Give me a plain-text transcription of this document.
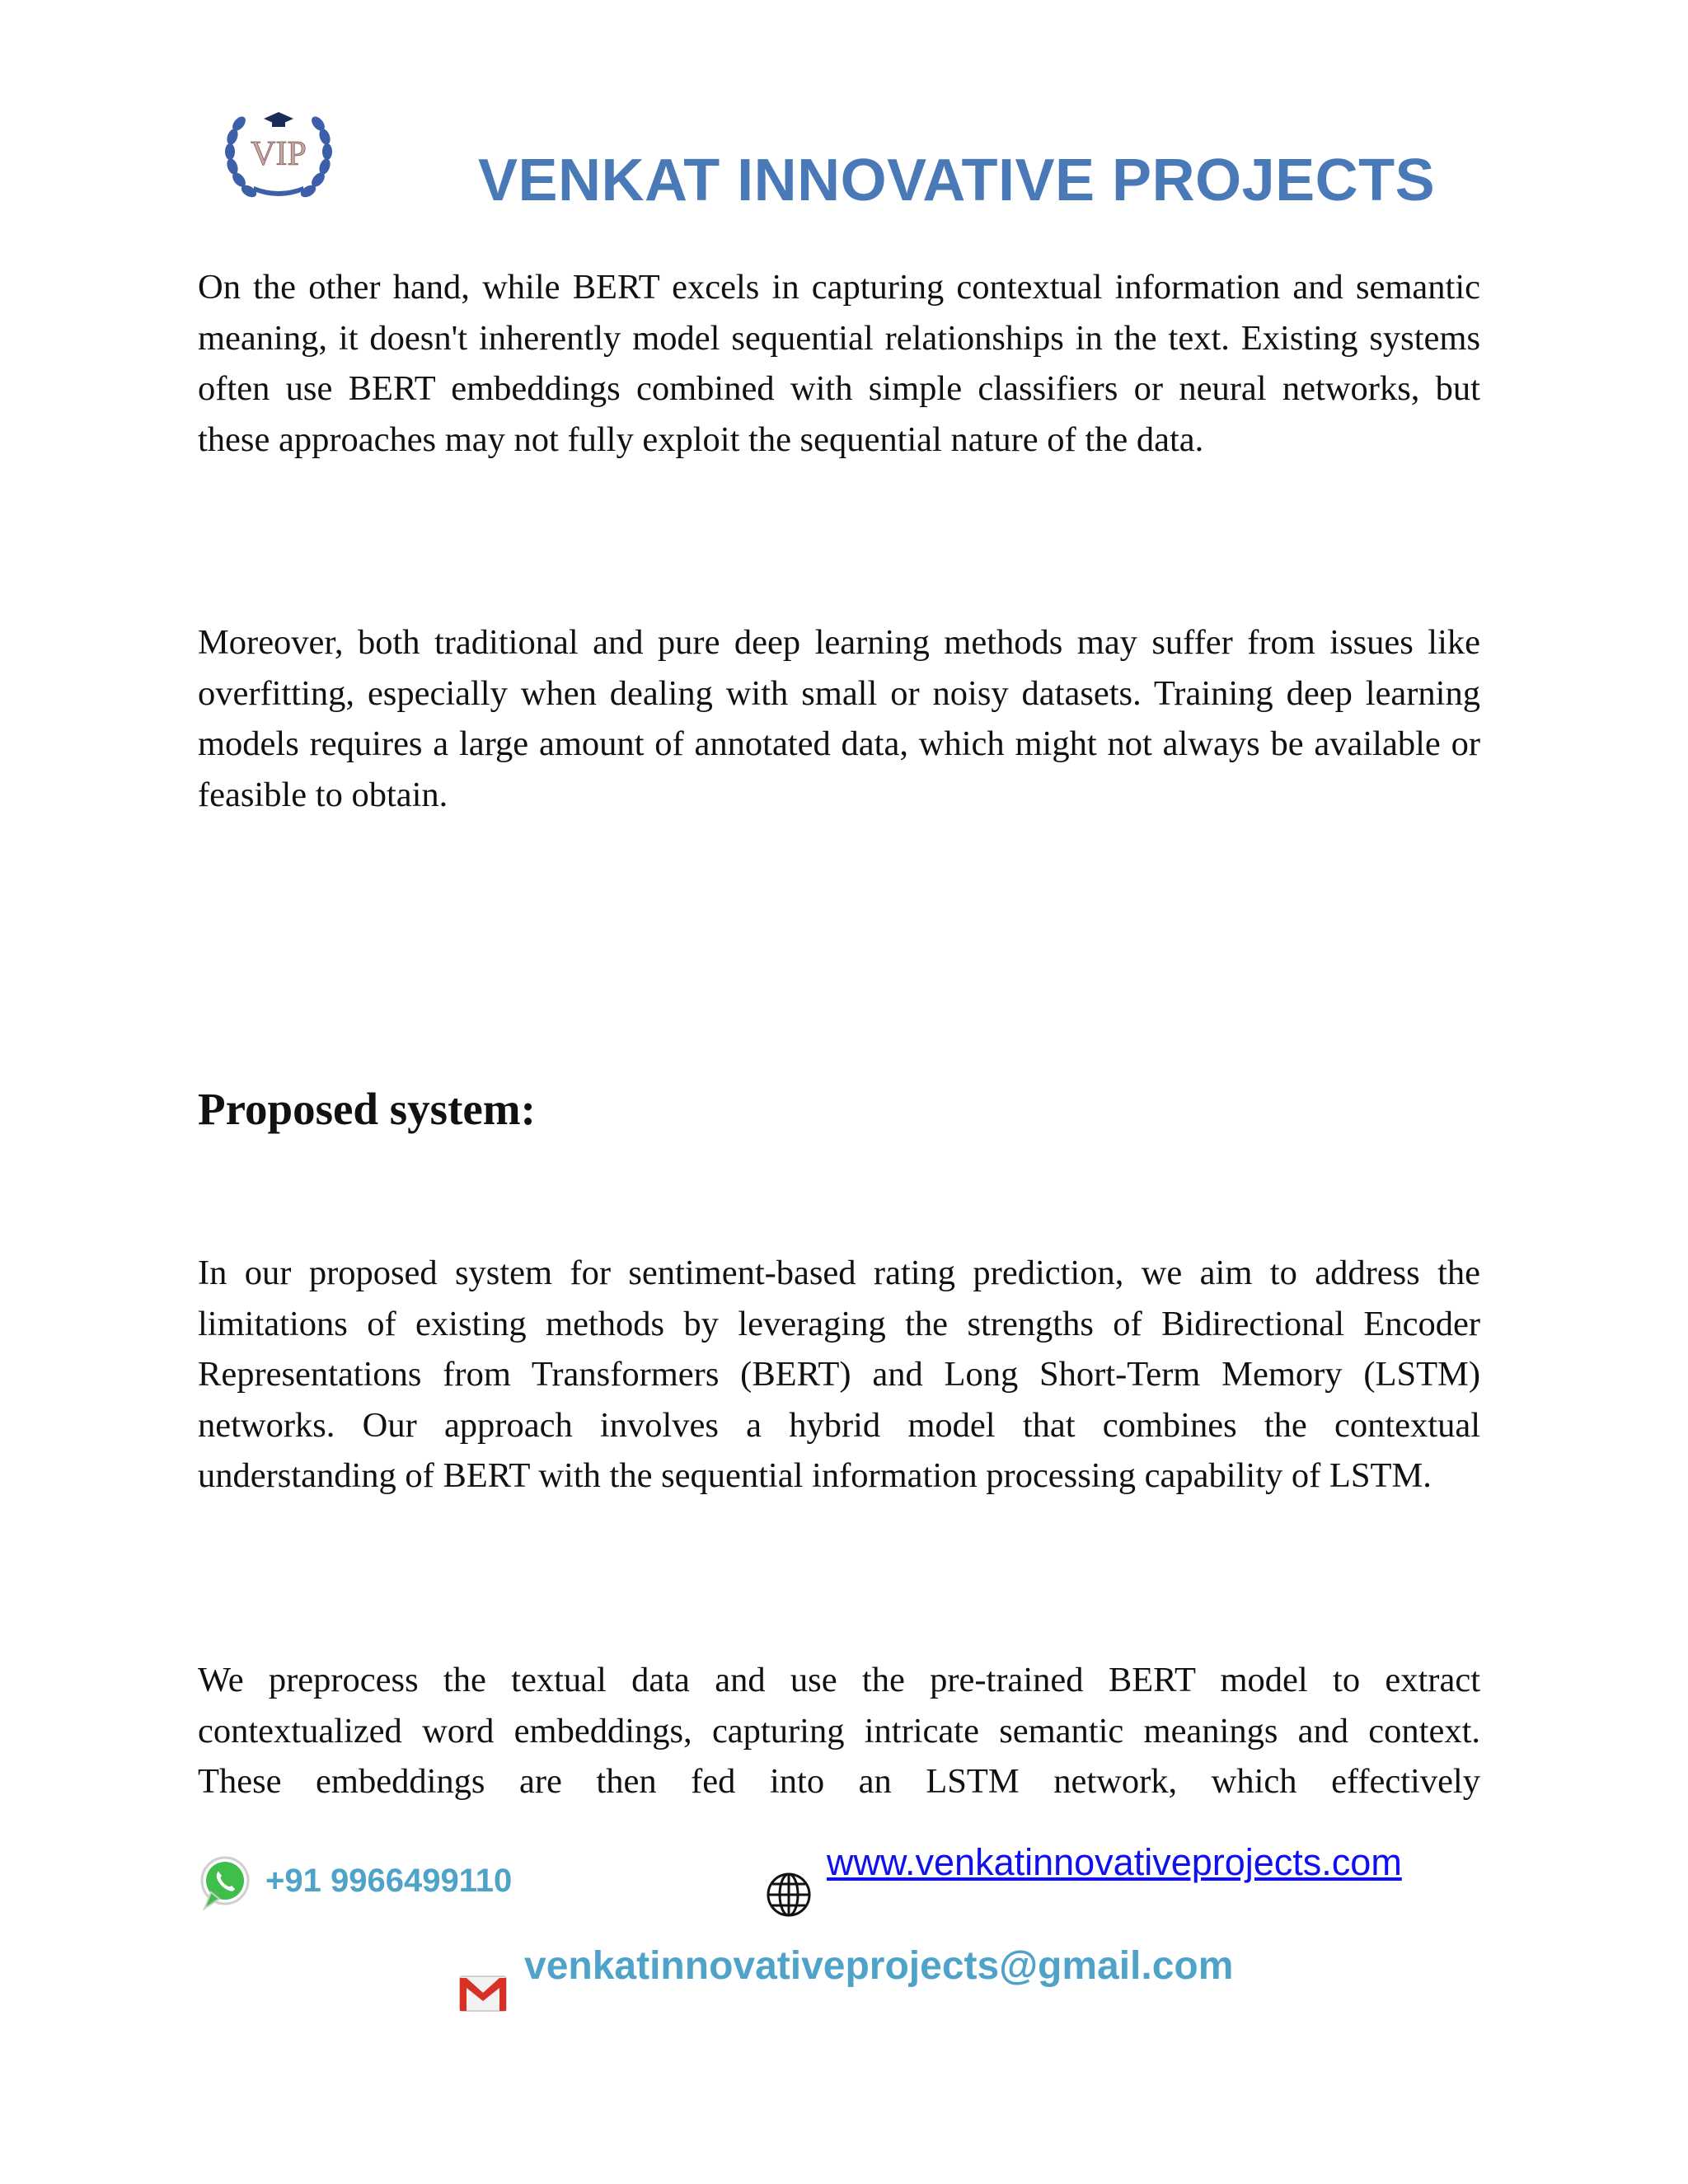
VIP	VENKAT INNOVATIVE PROJECTS

On the other hand, while BERT excels in capturing contextual information and semantic meaning, it doesn't inherently model sequential relationships in the text. Existing systems often use BERT embeddings combined with simple classifiers or neural networks, but these approaches may not fully exploit the sequential nature of the data.

Moreover, both traditional and pure deep learning methods may suffer from issues like overfitting, especially when dealing with small or noisy datasets. Training deep learning models requires a large amount of annotated data, which might not always be available or feasible to obtain.

Proposed system:

In our proposed system for sentiment-based rating prediction, we aim to address the limitations of existing methods by leveraging the strengths of Bidirectional Encoder Representations from Transformers (BERT) and Long Short-Term Memory (LSTM) networks. Our approach involves a hybrid model that combines the contextual understanding of BERT with the sequential information processing capability of LSTM.

We preprocess the textual data and use the pre-trained BERT model to extract contextualized word embeddings, capturing intricate semantic meanings and context. These embeddings are then fed into an LSTM network, which effectively

+91 9966499110	www.venkatinnovativeprojects.com
venkatinnovativeprojects@gmail.com
